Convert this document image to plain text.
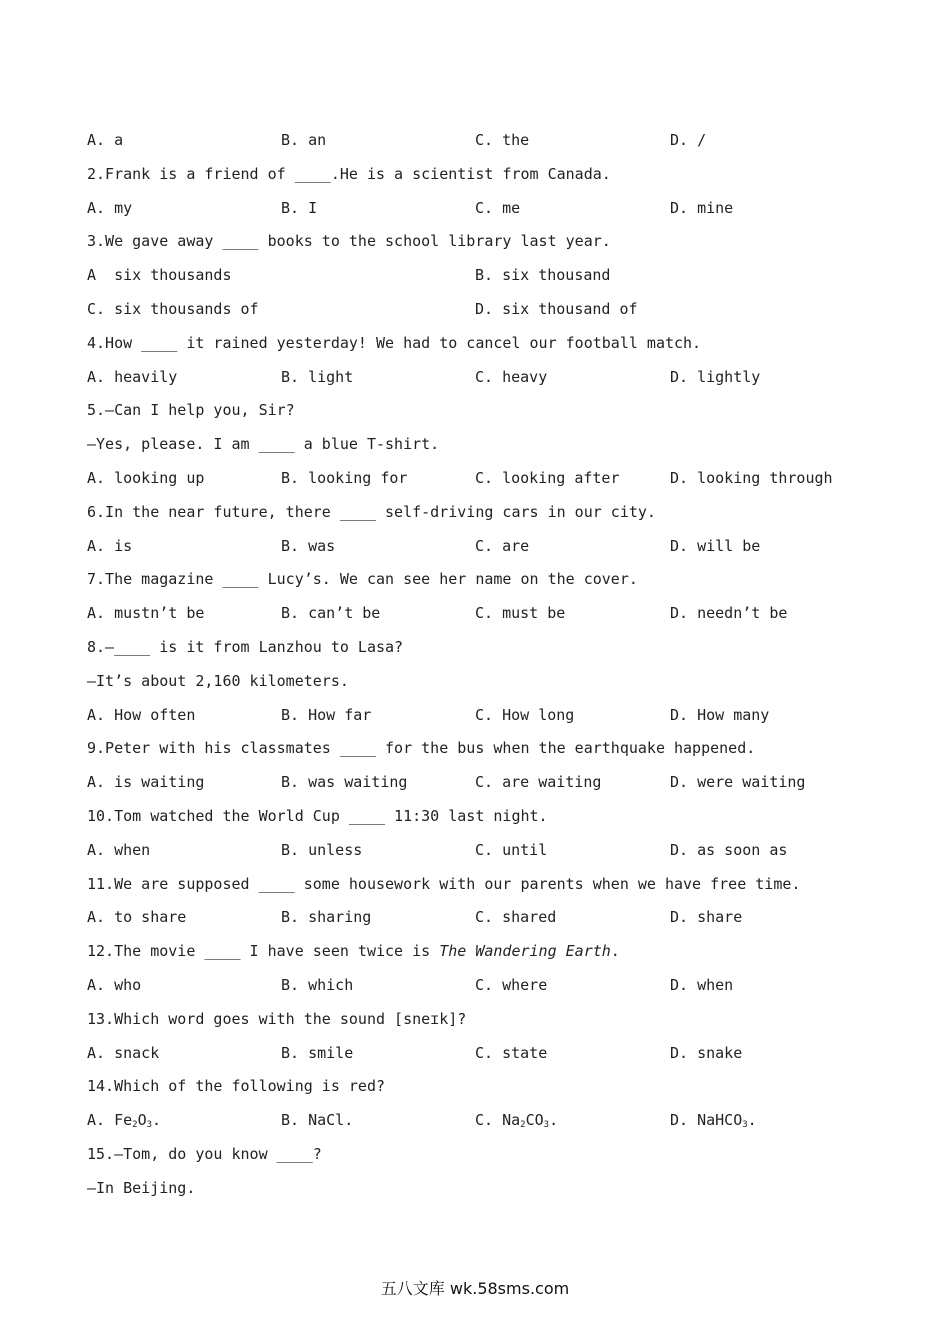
A. a

	B. an

	C. the

	D. /

2.Frank is a friend of ____.He is a scientist from Canada.

A. my

	B. I

	C. me

	D. mine

3.We gave away ____ books to the school library last year.

A  six thousands

	B. six thousand

C. six thousands of

	D. six thousand of

4.How ____ it rained yesterday! We had to cancel our football match.

A. heavily

	B. light

	C. heavy

	D. lightly

5.—Can I help you, Sir?
—Yes, please. I am ____ a blue T-shirt.

A. looking up

	B. looking for

	C. looking after

	D. looking through

6.In the near future, there ____ self-driving cars in our city.

A. is

	B. was

	C. are

	D. will be

7.The magazine ____ Lucy’s. We can see her name on the cover.

A. mustn’t be

	B. can’t be

	C. must be

	D. needn’t be

8.—____ is it from Lanzhou to Lasa?
—It’s about 2,160 kilometers.

A. How often

	B. How far

	C. How long

	D. How many

9.Peter with his classmates ____ for the bus when the earthquake happened.

A. is waiting

	B. was waiting

	C. are waiting

	D. were waiting

10.Tom watched the World Cup ____ 11:30 last night.

A. when

	B. unless

	C. until

	D. as soon as

11.We are supposed ____ some housework with our parents when we have free time.

A. to share

	B. sharing

	C. shared

	D. share

12.The movie ____ I have seen twice is The Wandering Earth.

A. who

	B. which

	C. where

	D. when

13.Which word goes with the sound [sneɪk]?

A. snack

	B. smile

	C. state

	D. snake

14.Which of the following is red?

A. $Fe_2O_3$.

	B. NaCl.

	C. $Na_2CO_3$.

	D. NaHCO$_3$.

15.—Tom, do you know ____?
—In Beijing.
五八文库 wk.58sms.com
